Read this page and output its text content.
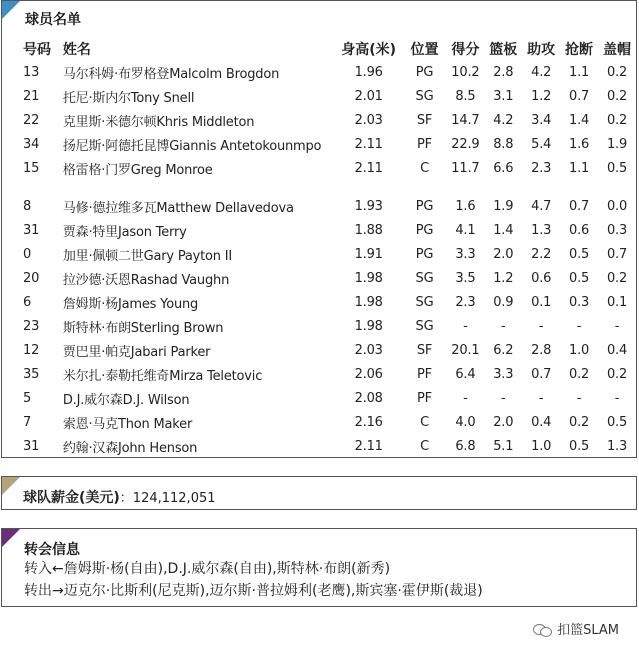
球员名单
号码	姓名	身高(米)	位置	得分	篮板	助攻	抢断	盖帽
13	马尔科姆·布罗格登Malcolm Brogdon	1.96	PG	10.2	2.8	4.2	1.1	0.2
21	托尼·斯内尔Tony Snell	2.01	SG	8.5	3.1	1.2	0.7	0.2
22	克里斯·米德尔顿Khris Middleton	2.03	SF	14.7	4.2	3.4	1.4	0.2
34	扬尼斯·阿德托昆博Giannis Antetokounmpo	2.11	PF	22.9	8.8	5.4	1.6	1.9
15	格雷格·门罗Greg Monroe	2.11	C	11.7	6.6	2.3	1.1	0.5

8	马修·德拉维多瓦Matthew Dellavedova	1.93	PG	1.6	1.9	4.7	0.7	0.0
31	贾森·特里Jason Terry	1.88	PG	4.1	1.4	1.3	0.6	0.3
0	加里·佩顿二世Gary Payton II	1.91	PG	3.3	2.0	2.2	0.5	0.7
20	拉沙德·沃恩Rashad Vaughn	1.98	SG	3.5	1.2	0.6	0.5	0.2
6	詹姆斯·杨James Young	1.98	SG	2.3	0.9	0.1	0.3	0.1
23	斯特林·布朗Sterling Brown	1.98	SG	-	-	-	-	-
12	贾巴里·帕克Jabari Parker	2.03	SF	20.1	6.2	2.8	1.0	0.4
35	米尔扎·泰勒托维奇Mirza Teletovic	2.06	PF	6.4	3.3	0.7	0.2	0.2
5	D.J.威尔森D.J. Wilson	2.08	PF	-	-	-	-	-
7	索恩·马克Thon Maker	2.16	C	4.0	2.0	0.4	0.2	0.5
31	约翰·汉森John Henson	2.11	C	6.8	5.1	1.0	0.5	1.3
球队薪金(美元)：124,112,051
转会信息
转入←詹姆斯·杨(自由),D.J.威尔森(自由),斯特林·布朗(新秀)
转出→迈克尔·比斯利(尼克斯),迈尔斯·普拉姆利(老鹰),斯宾塞·霍伊斯(裁退)
扣篮SLAM
